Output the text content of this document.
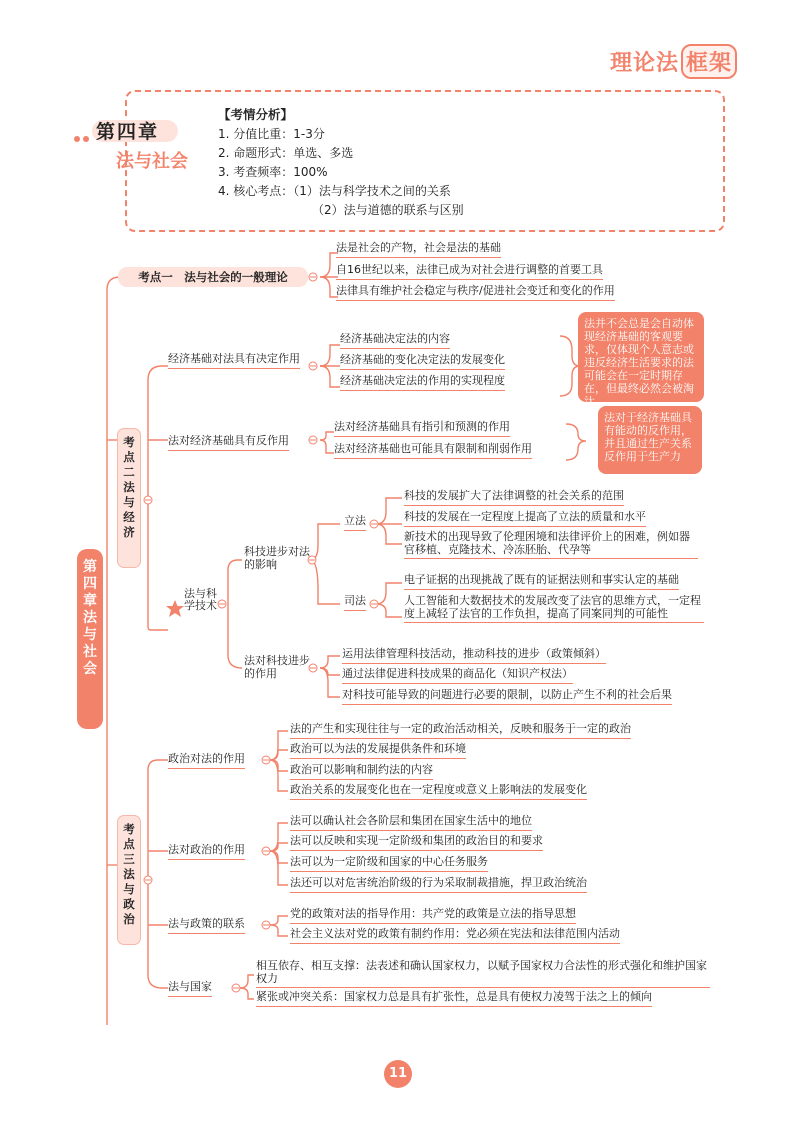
理论法 框架
第四章
法与社会
【考情分析】
1. 分值比重：1-3分
2. 命题形式：单选、多选
3. 考查频率：100%
4. 核心考点：（1）法与科学技术之间的关系
（2）法与道德的联系与区别
第四章 法与社会
考点一　法与社会的一般理论
法是社会的产物，社会是法的基础
自16世纪以来，法律已成为对社会进行调整的首要工具
法律具有维护社会稳定与秩序/促进社会变迁和变化的作用
考点二 法与经济
经济基础对法具有决定作用
经济基础决定法的内容
经济基础的变化决定法的发展变化
经济基础决定法的作用的实现程度
法并不会总是会自动体现经济基础的客观要求，仅体现个人意志或违反经济生活要求的法可能会在一定时期存在，但最终必然会被淘汰
法对经济基础具有反作用
法对经济基础具有指引和预测的作用
法对经济基础也可能具有限制和削弱作用
法对于经济基础具有能动的反作用，并且通过生产关系反作用于生产力
法与科学技术
科技进步对法的影响
立法
科技的发展扩大了法律调整的社会关系的范围
科技的发展在一定程度上提高了立法的质量和水平
新技术的出现导致了伦理困境和法律评价上的困难，例如器官移植、克隆技术、冷冻胚胎、代孕等
司法
电子证据的出现挑战了既有的证据法则和事实认定的基础
人工智能和大数据技术的发展改变了法官的思维方式，一定程度上减轻了法官的工作负担，提高了同案同判的可能性
法对科技进步的作用
运用法律管理科技活动，推动科技的进步（政策倾斜）
通过法律促进科技成果的商品化（知识产权法）
对科技可能导致的问题进行必要的限制，以防止产生不利的社会后果
考点三 法与政治
政治对法的作用
法的产生和实现往往与一定的政治活动相关，反映和服务于一定的政治
政治可以为法的发展提供条件和环境
政治可以影响和制约法的内容
政治关系的发展变化也在一定程度或意义上影响法的发展变化
法对政治的作用
法可以确认社会各阶层和集团在国家生活中的地位
法可以反映和实现一定阶级和集团的政治目的和要求
法可以为一定阶级和国家的中心任务服务
法还可以对危害统治阶级的行为采取制裁措施，捍卫政治统治
法与政策的联系
党的政策对法的指导作用：共产党的政策是立法的指导思想
社会主义法对党的政策有制约作用：党必须在宪法和法律范围内活动
法与国家
相互依存、相互支撑：法表述和确认国家权力，以赋予国家权力合法性的形式强化和维护国家权力
紧张或冲突关系：国家权力总是具有扩张性，总是具有使权力凌驾于法之上的倾向
11
